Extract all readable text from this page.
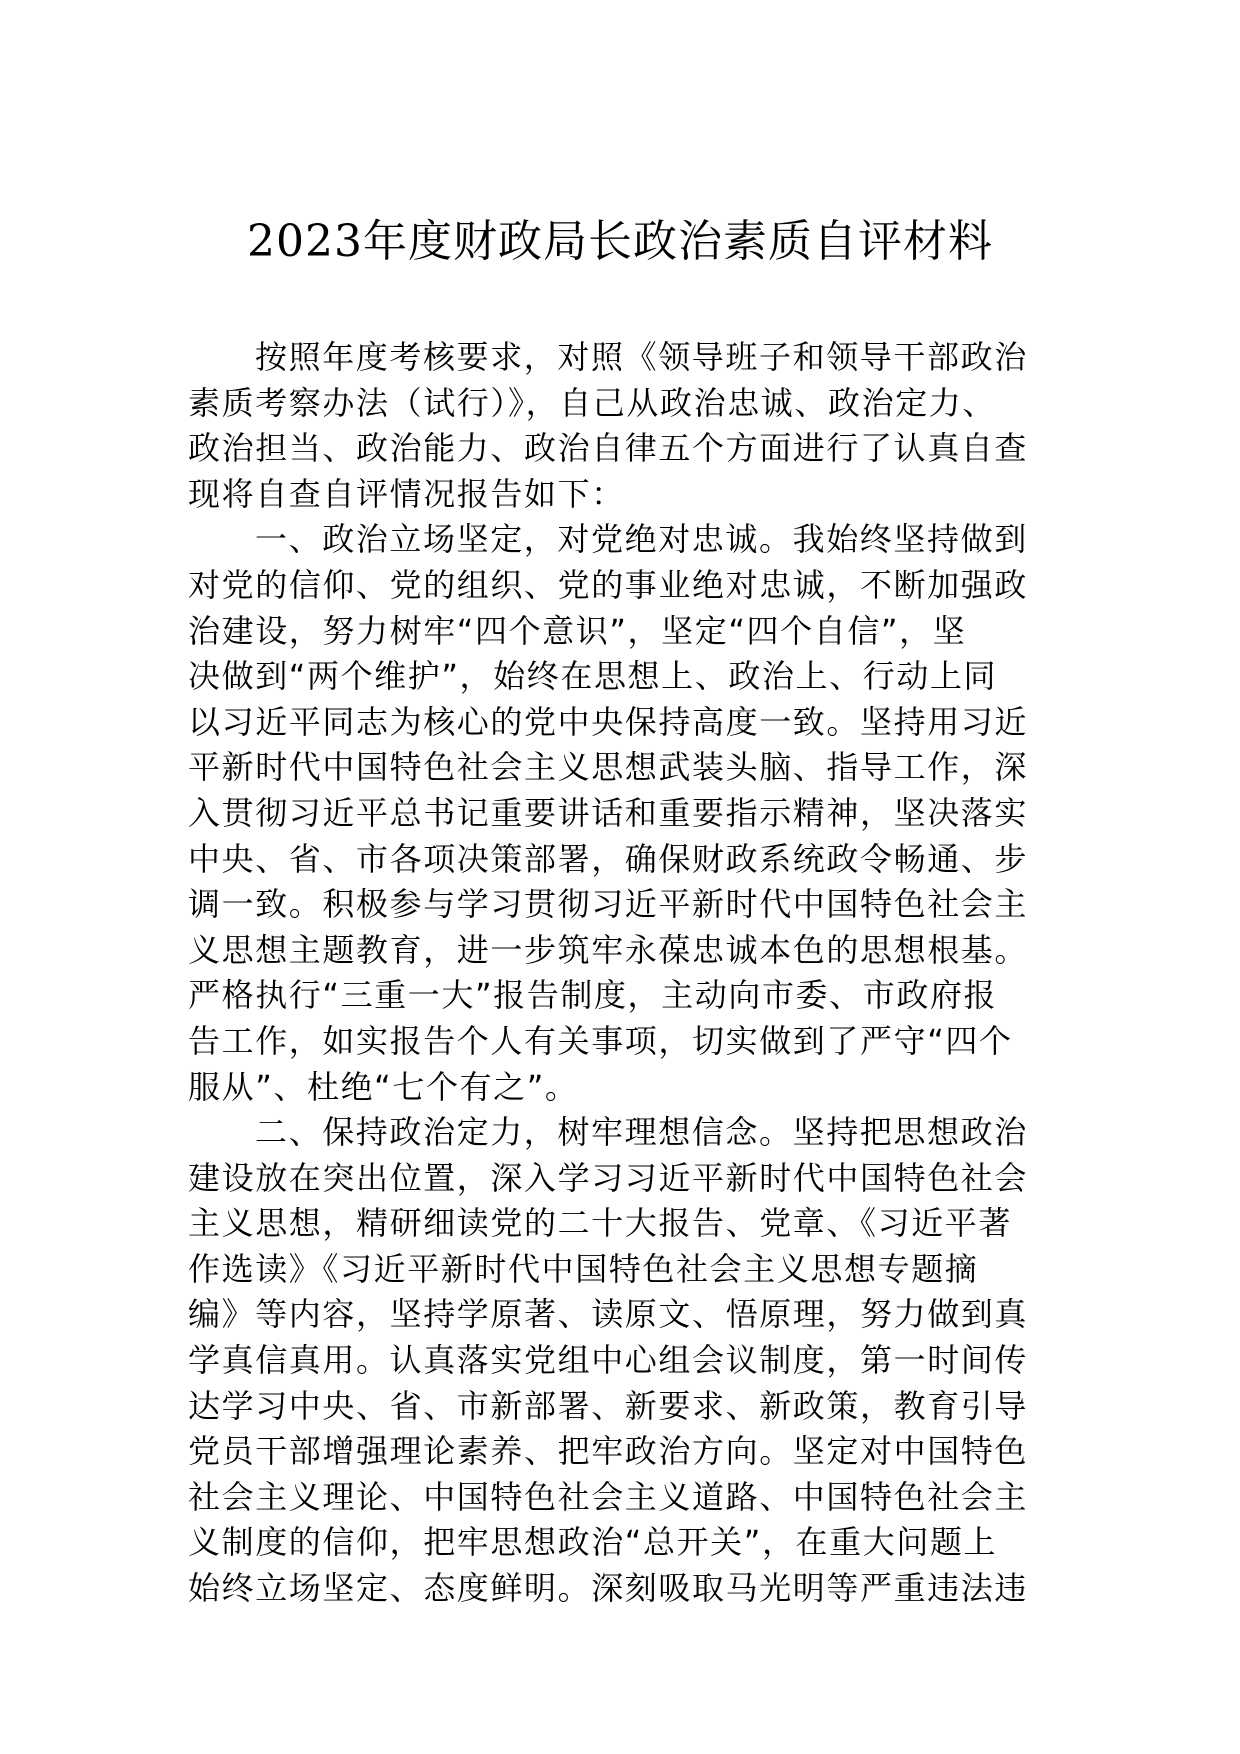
2023年度财政局长政治素质自评材料
按照年度考核要求，对照《领导班子和领导干部政治
素质考察办法（试行）》，自己从政治忠诚、政治定力、
政治担当、政治能力、政治自律五个方面进行了认真自查
现将自查自评情况报告如下：
一、政治立场坚定，对党绝对忠诚。我始终坚持做到
对党的信仰、党的组织、党的事业绝对忠诚，不断加强政
治建设，努力树牢“四个意识”，坚定“四个自信”，坚
决做到“两个维护”，始终在思想上、政治上、行动上同
以习近平同志为核心的党中央保持高度一致。坚持用习近
平新时代中国特色社会主义思想武装头脑、指导工作，深
入贯彻习近平总书记重要讲话和重要指示精神，坚决落实
中央、省、市各项决策部署，确保财政系统政令畅通、步
调一致。积极参与学习贯彻习近平新时代中国特色社会主
义思想主题教育，进一步筑牢永葆忠诚本色的思想根基。
严格执行“三重一大”报告制度，主动向市委、市政府报
告工作，如实报告个人有关事项，切实做到了严守“四个
服从”、杜绝“七个有之”。
二、保持政治定力，树牢理想信念。坚持把思想政治
建设放在突出位置，深入学习习近平新时代中国特色社会
主义思想，精研细读党的二十大报告、党章、《习近平著
作选读》《习近平新时代中国特色社会主义思想专题摘
编》等内容，坚持学原著、读原文、悟原理，努力做到真
学真信真用。认真落实党组中心组会议制度，第一时间传
达学习中央、省、市新部署、新要求、新政策，教育引导
党员干部增强理论素养、把牢政治方向。坚定对中国特色
社会主义理论、中国特色社会主义道路、中国特色社会主
义制度的信仰，把牢思想政治“总开关”，在重大问题上
始终立场坚定、态度鲜明。深刻吸取马光明等严重违法违
